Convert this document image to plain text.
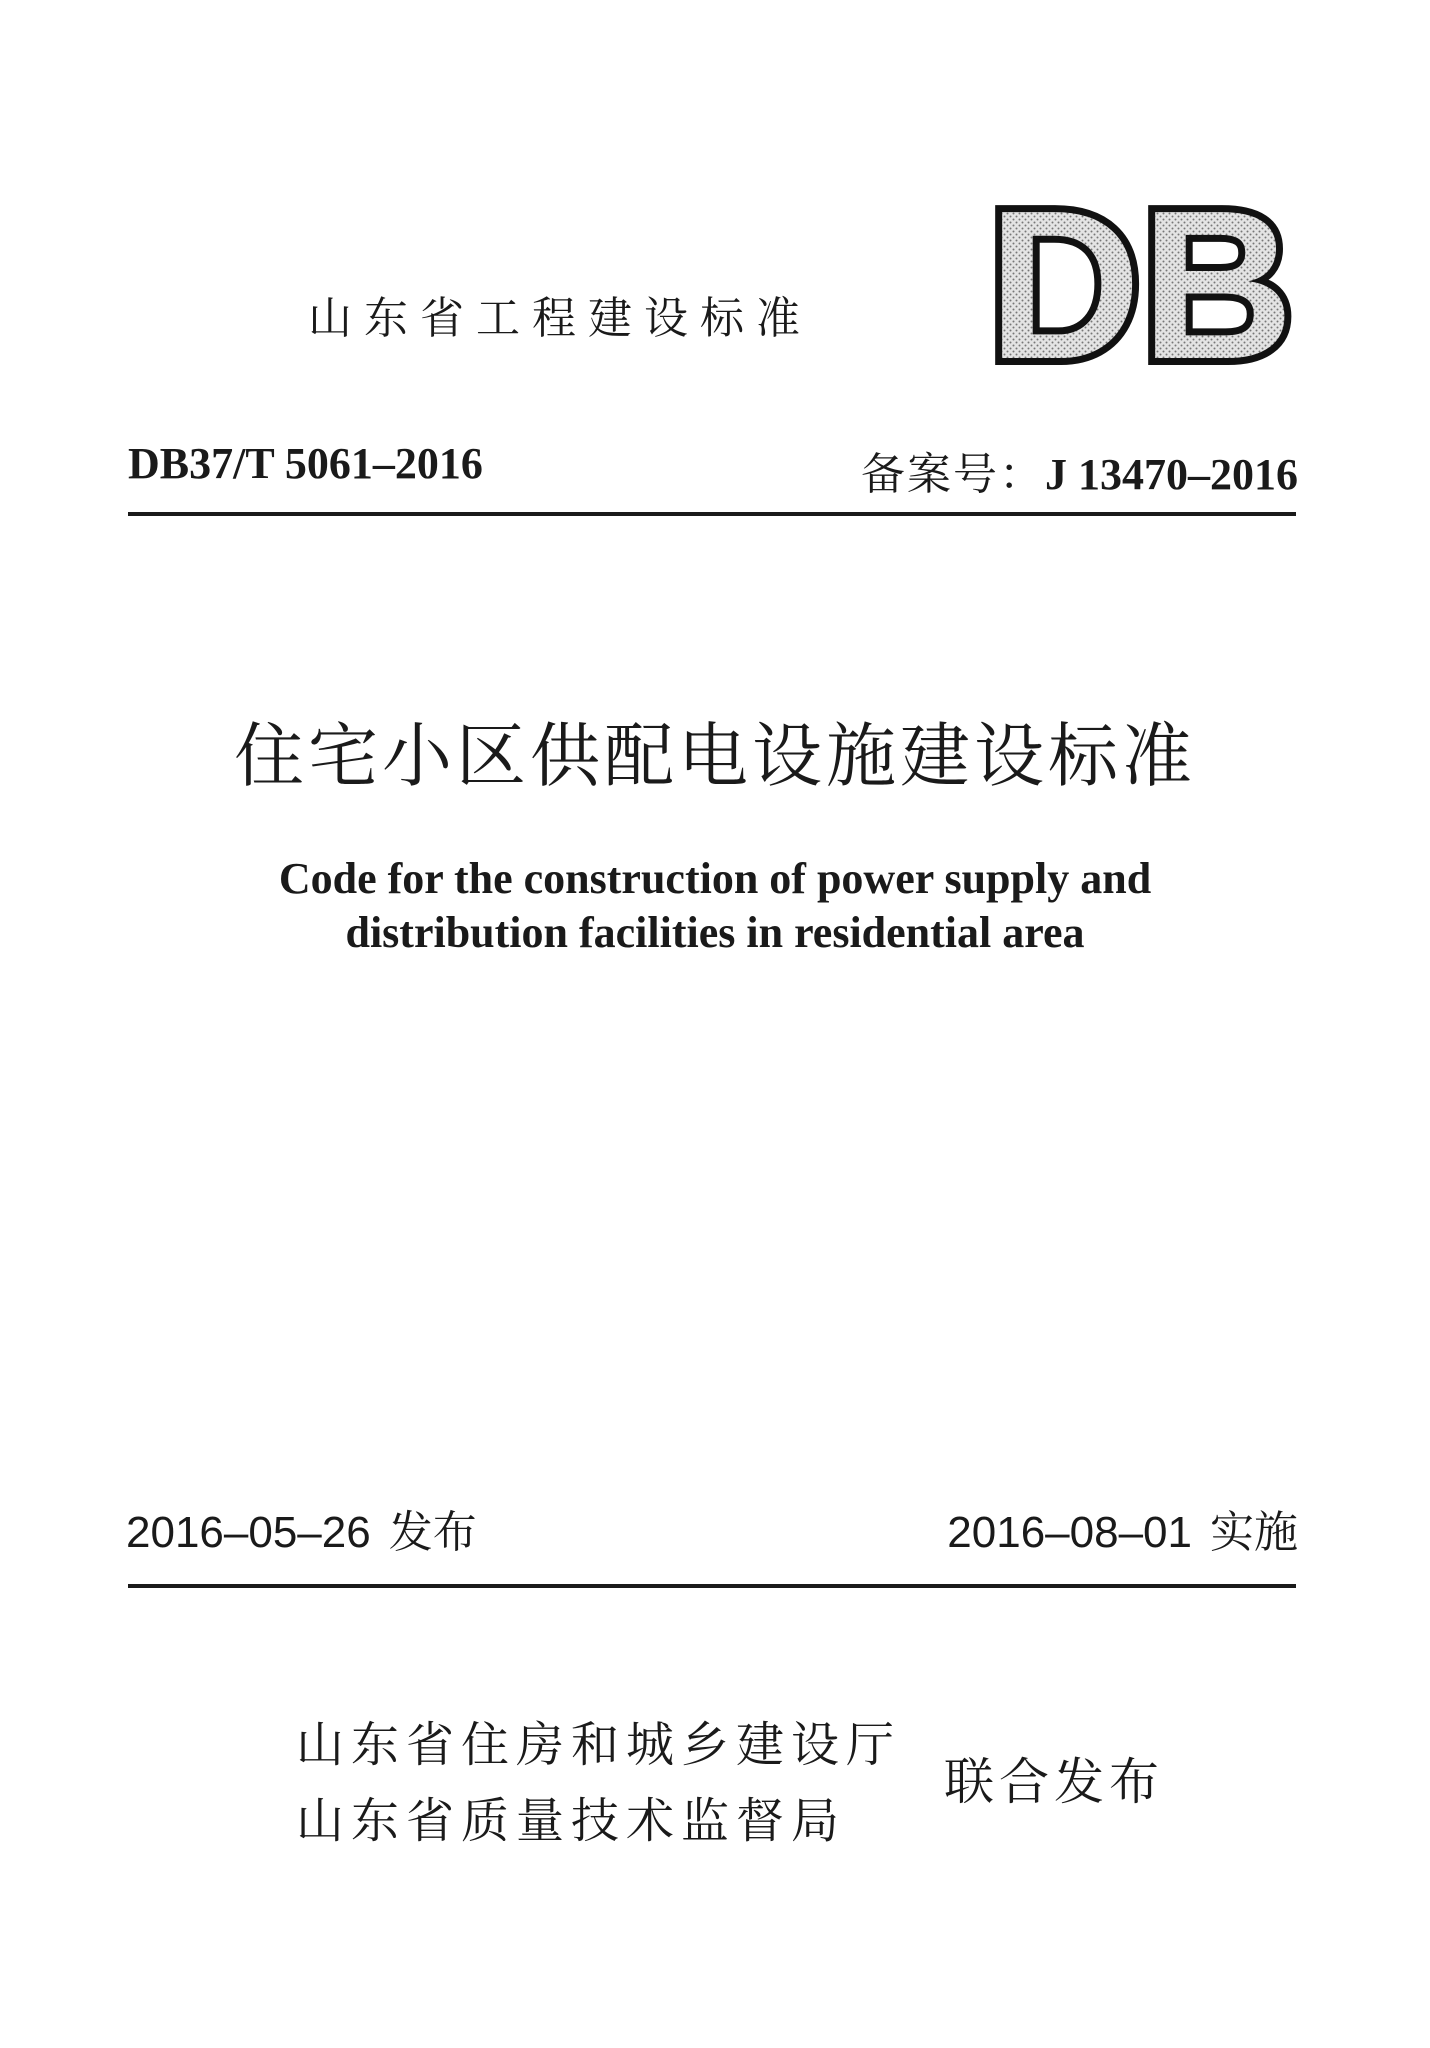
山东省工程建设标准 DB
DB37/T 5061–2016	备案号：J 13470–2016
住宅小区供配电设施建设标准
Code for the construction of power supply and
distribution facilities in residential area
2016–05–26 发布	2016–08–01 实施
山东省住房和城乡建设厅
山东省质量技术监督局
联合发布
